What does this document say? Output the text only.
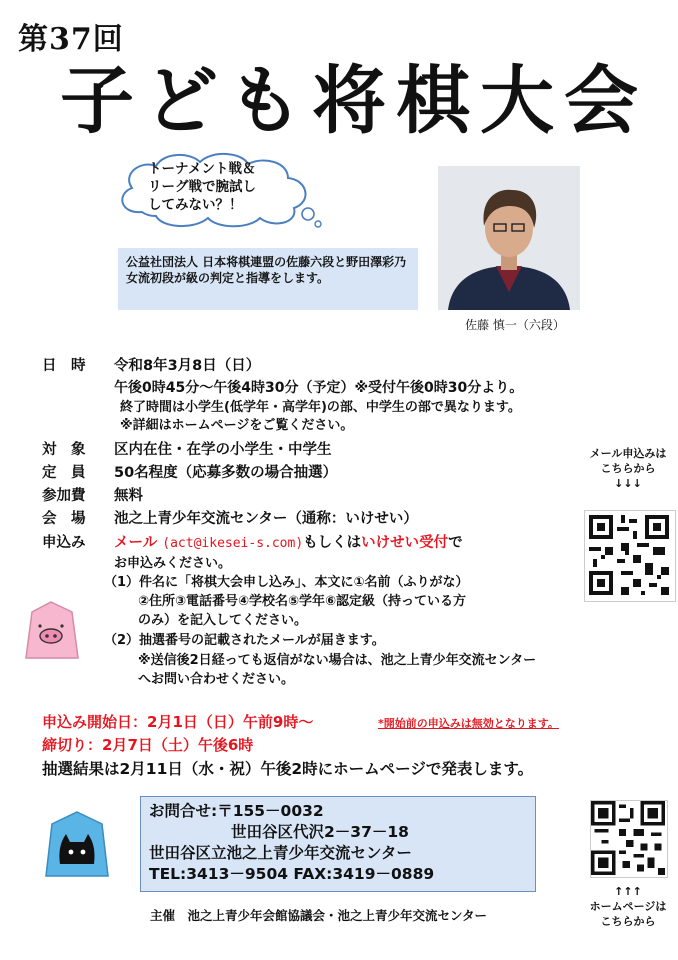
第37回
子ども将棋大会
トーナメント戦＆
リーグ戦で腕試し
してみない？！
公益社団法人 日本将棋連盟の佐藤六段と野田澤彩乃 女流初段が級の判定と指導をします。
佐藤 慎一（六段）
日　時 令和8年3月8日（日）
午後0時45分～午後4時30分（予定）※受付午後0時30分より。
終了時間は小学生(低学年・高学年)の部、中学生の部で異なります。
※詳細はホームページをご覧ください。
対　象 区内在住・在学の小学生・中学生
定　員 50名程度（応募多数の場合抽選）
参加費 無料
会　場 池之上青少年交流センター（通称：いけせい）
申込み メール (act@ikesei-s.com)もしくはいけせい受付で
お申込みください。
（1）件名に「将棋大会申し込み」、本文に①名前（ふりがな）
②住所③電話番号④学校名⑤学年⑥認定級（持っている方
のみ）を記入してください。
（2）抽選番号の記載されたメールが届きます。
※送信後2日経っても返信がない場合は、池之上青少年交流センター
へお問い合わせください。
メール申込みは
こちらから
↓↓↓
申込み開始日：2月1日（日）午前9時～	*開始前の申込みは無効となります。
締切り：2月7日（土）午後6時
抽選結果は2月11日（水・祝）午後2時にホームページで発表します。
お問合せ:〒155－0032
世田谷区代沢2－37－18
世田谷区立池之上青少年交流センター
TEL:3413－9504 FAX:3419－0889
↑↑↑
ホームページは
こちらから
主催　池之上青少年会館協議会・池之上青少年交流センター
